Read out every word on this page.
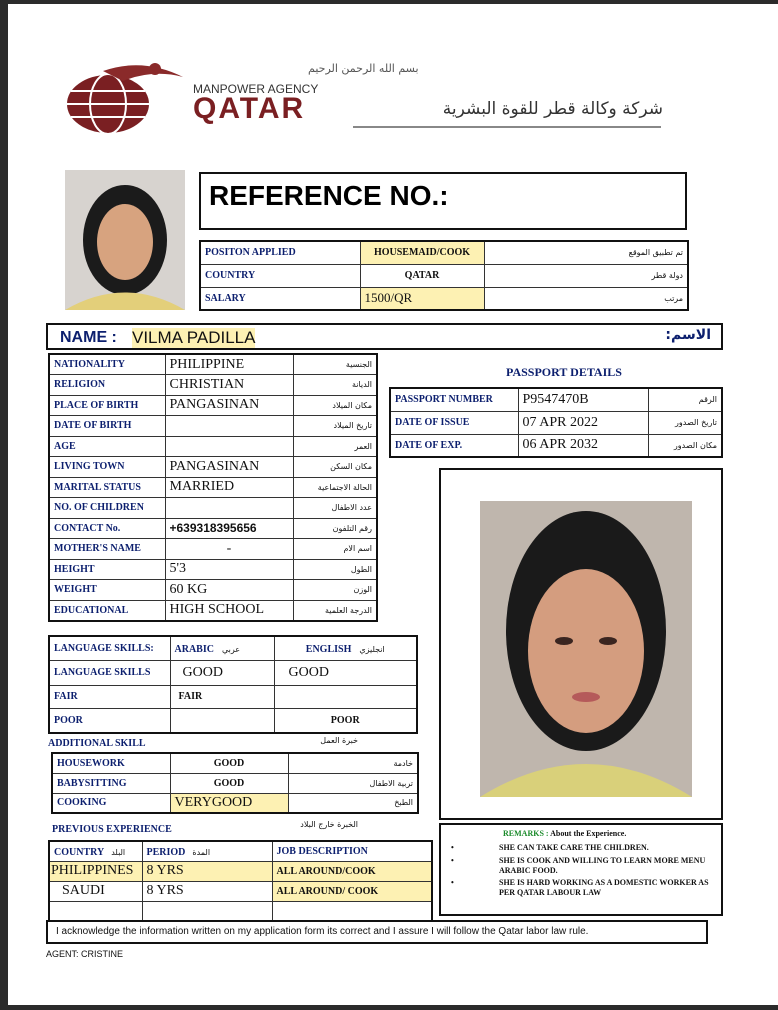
MANPOWER AGENCY
QATAR	شركة وكالة قطر للقوة البشرية
بسم الله الرحمن الرحيم
REFERENCE NO.:
POSITON APPLIED	HOUSEMAID/COOK	تم تطبيق الموقع
COUNTRY	QATAR	دولة قطر
SALARY	1500/QR	مرتب
NAME : VILMA PADILLA	الاسم:
NATIONALITY	PHILIPPINE	الجنسية
RELIGION	CHRISTIAN	الديانة
PLACE OF BIRTH	PANGASINAN	مكان الميلاد
DATE OF BIRTH		تاريخ الميلاد
AGE		العمر
LIVING TOWN	PANGASINAN	مكان السكن
MARITAL STATUS	MARRIED	الحالة الاجتماعية
NO. OF CHILDREN		عدد الاطفال
CONTACT No.	+639318395656	رقم التلفون
MOTHER'S NAME	-	اسم الام
HEIGHT	5'3	الطول
WEIGHT	60 KG	الوزن
EDUCATIONAL	HIGH SCHOOL	الدرجة العلمية
PASSPORT DETAILS
PASSPORT NUMBER	P9547470B	الرقم
DATE OF ISSUE	07 APR 2022	تاريخ الصدور
DATE OF EXP.	06 APR 2032	مكان الصدور
LANGUAGE SKILLS:	ARABIC عربي	ENGLISH انجليزي
LANGUAGE SKILLS	GOOD	GOOD
FAIR	FAIR	
POOR		POOR
ADDITIONAL SKILL	خبرة العمل
HOUSEWORK	GOOD	خادمة
BABYSITTING	GOOD	تربية الاطفال
COOKING	VERYGOOD	الطبخ
PREVIOUS EXPERIENCE	الخبرة خارج البلاد
COUNTRY البلد	PERIOD المدة	JOB DESCRIPTION
PHILIPPINES	8 YRS	ALL AROUND/COOK
SAUDI	8 YRS	ALL AROUND/ COOK

REMARKS : About the Experience.
•	SHE CAN TAKE CARE THE CHILDREN.
•	SHE IS COOK AND WILLING TO LEARN MORE MENU ARABIC FOOD.
•	SHE IS HARD WORKING AS A DOMESTIC WORKER AS PER QATAR LABOUR LAW
I acknowledge the information written on my application form its correct and I assure I will follow the Qatar labor law rule.
AGENT: CRISTINE
